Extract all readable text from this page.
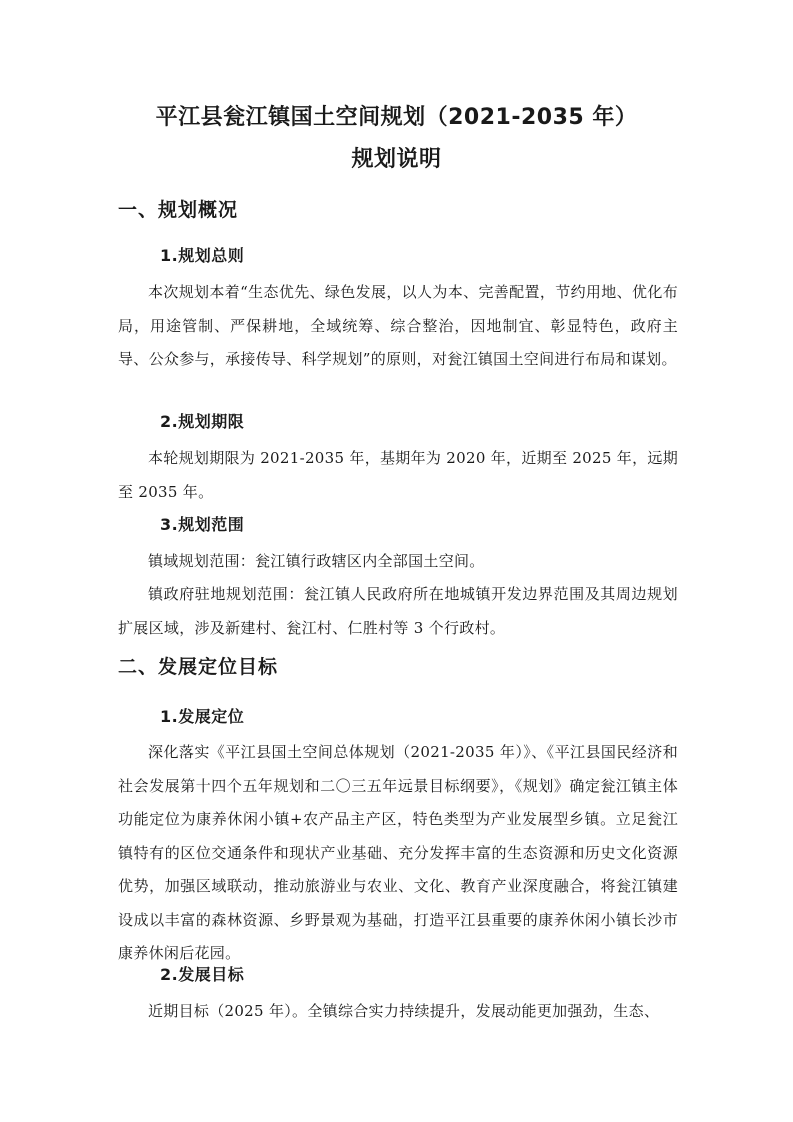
平江县瓮江镇国土空间规划（2021-2035 年）
规划说明
一、规划概况
1.规划总则

本次规划本着“生态优先、绿色发展，以人为本、完善配置，节约用地、优化布局，用途管制、严保耕地，全域统筹、综合整治，因地制宜、彰显特色，政府主导、公众参与，承接传导、科学规划”的原则，对瓮江镇国土空间进行布局和谋划。

2.规划期限

本轮规划期限为 2021-2035 年，基期年为 2020 年，近期至 2025 年，远期至 2035 年。

3.规划范围

镇域规划范围：瓮江镇行政辖区内全部国土空间。

镇政府驻地规划范围：瓮江镇人民政府所在地城镇开发边界范围及其周边规划扩展区域，涉及新建村、瓮江村、仁胜村等 3 个行政村。

二、发展定位目标
1.发展定位

深化落实《平江县国土空间总体规划（2021-2035 年）》、《平江县国民经济和社会发展第十四个五年规划和二〇三五年远景目标纲要》，《规划》确定瓮江镇主体功能定位为康养休闲小镇+农产品主产区，特色类型为产业发展型乡镇。立足瓮江镇特有的区位交通条件和现状产业基础、充分发挥丰富的生态资源和历史文化资源优势，加强区域联动，推动旅游业与农业、文化、教育产业深度融合，将瓮江镇建设成以丰富的森林资源、乡野景观为基础，打造平江县重要的康养休闲小镇长沙市康养休闲后花园。

2.发展目标

近期目标（2025 年）。全镇综合实力持续提升，发展动能更加强劲，生态、
